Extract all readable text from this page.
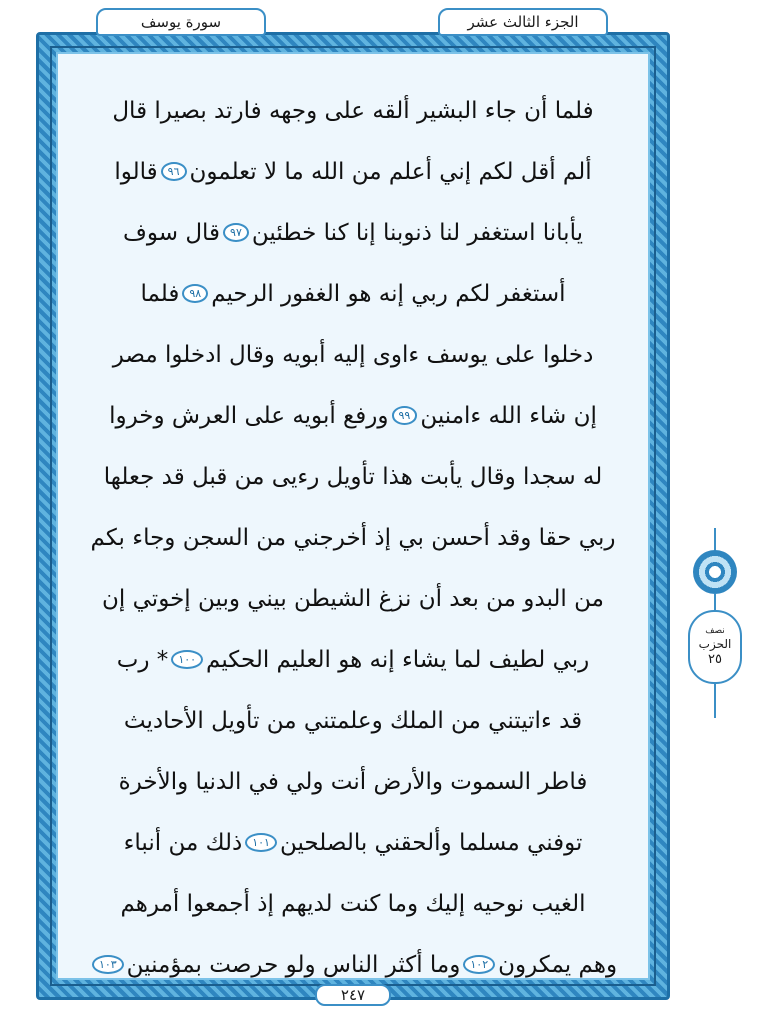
سورة يوسف	الجزء الثالث عشر
فلما أن جاء البشير ألقه على وجهه فارتد بصيرا قال
ألم أقل لكم إني أعلم من الله ما لا تعلمون
٩٦
قالوا
يأبانا استغفر لنا ذنوبنا إنا كنا خطئين
٩٧
قال سوف
أستغفر لكم ربي إنه هو الغفور الرحيم
٩٨
فلما
دخلوا على يوسف ءاوى إليه أبويه وقال ادخلوا مصر
إن شاء الله ءامنين
٩٩
ورفع أبويه على العرش وخروا
له سجدا وقال يأبت هذا تأويل رءيى من قبل قد جعلها
ربي حقا وقد أحسن بي إذ أخرجني من السجن وجاء بكم
من البدو من بعد أن نزغ الشيطن بيني وبين إخوتي إن
ربي لطيف لما يشاء إنه هو العليم الحكيم
١٠٠
* رب
قد ءاتيتني من الملك وعلمتني من تأويل الأحاديث
فاطر السموت والأرض أنت ولي في الدنيا والأخرة
توفني مسلما وألحقني بالصلحين
١٠١
ذلك من أنباء
الغيب نوحيه إليك وما كنت لديهم إذ أجمعوا أمرهم
وهم يمكرون
١٠٢
وما أكثر الناس ولو حرصت بمؤمنين
١٠٣
نصف
الحزب
٢٥
٢٤٧
